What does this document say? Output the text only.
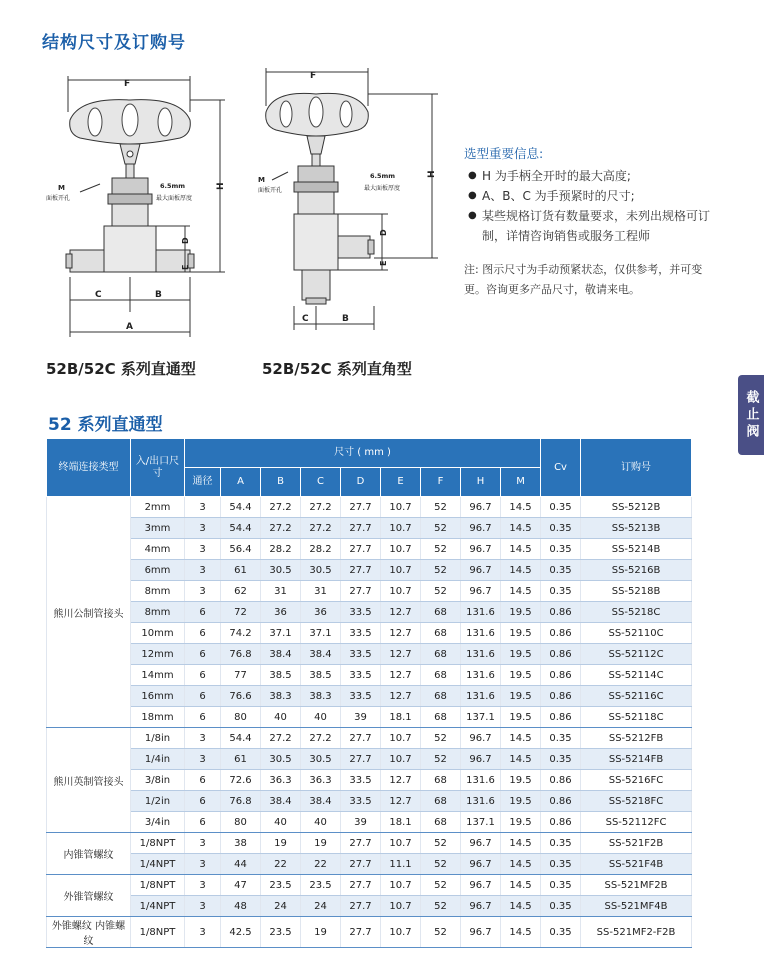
结构尺寸及订购号
F
H
D
E
C	B
A
M
面板开孔
6.5mm
最大面板厚度
F
H
D
E
C	B
M
面板开孔
6.5mm
最大面板厚度
52B/52C 系列直通型	52B/52C 系列直角型
选型重要信息:
● H 为手柄全开时的最大高度;
● A、B、C 为手预紧时的尺寸;
● 某些规格订货有数量要求，未列出规格可订制，详情咨询销售或服务工程师
注: 图示尺寸为手动预紧状态，仅供参考，并可变更。咨询更多产品尺寸，敬请来电。
截止阀
52 系列直通型
终端连接类型	入/出口尺寸	尺寸 ( mm )									Cv	订购号
		通径	A	B	C	D	E	F	H	M		
熊川公制管接头	2mm	3	54.4	27.2	27.2	27.7	10.7	52	96.7	14.5	0.35	SS-5212B
	3mm	3	54.4	27.2	27.2	27.7	10.7	52	96.7	14.5	0.35	SS-5213B
	4mm	3	56.4	28.2	28.2	27.7	10.7	52	96.7	14.5	0.35	SS-5214B
	6mm	3	61	30.5	30.5	27.7	10.7	52	96.7	14.5	0.35	SS-5216B
	8mm	3	62	31	31	27.7	10.7	52	96.7	14.5	0.35	SS-5218B
	8mm	6	72	36	36	33.5	12.7	68	131.6	19.5	0.86	SS-5218C
	10mm	6	74.2	37.1	37.1	33.5	12.7	68	131.6	19.5	0.86	SS-52110C
	12mm	6	76.8	38.4	38.4	33.5	12.7	68	131.6	19.5	0.86	SS-52112C
	14mm	6	77	38.5	38.5	33.5	12.7	68	131.6	19.5	0.86	SS-52114C
	16mm	6	76.6	38.3	38.3	33.5	12.7	68	131.6	19.5	0.86	SS-52116C
	18mm	6	80	40	40	39	18.1	68	137.1	19.5	0.86	SS-52118C
熊川英制管接头	1/8in	3	54.4	27.2	27.2	27.7	10.7	52	96.7	14.5	0.35	SS-5212FB
	1/4in	3	61	30.5	30.5	27.7	10.7	52	96.7	14.5	0.35	SS-5214FB
	3/8in	6	72.6	36.3	36.3	33.5	12.7	68	131.6	19.5	0.86	SS-5216FC
	1/2in	6	76.8	38.4	38.4	33.5	12.7	68	131.6	19.5	0.86	SS-5218FC
	3/4in	6	80	40	40	39	18.1	68	137.1	19.5	0.86	SS-52112FC
内锥管螺纹	1/8NPT	3	38	19	19	27.7	10.7	52	96.7	14.5	0.35	SS-521F2B
	1/4NPT	3	44	22	22	27.7	11.1	52	96.7	14.5	0.35	SS-521F4B
外锥管螺纹	1/8NPT	3	47	23.5	23.5	27.7	10.7	52	96.7	14.5	0.35	SS-521MF2B
	1/4NPT	3	48	24	24	27.7	10.7	52	96.7	14.5	0.35	SS-521MF4B
外锥螺纹 内锥螺纹	1/8NPT	3	42.5	23.5	19	27.7	10.7	52	96.7	14.5	0.35	SS-521MF2-F2B
